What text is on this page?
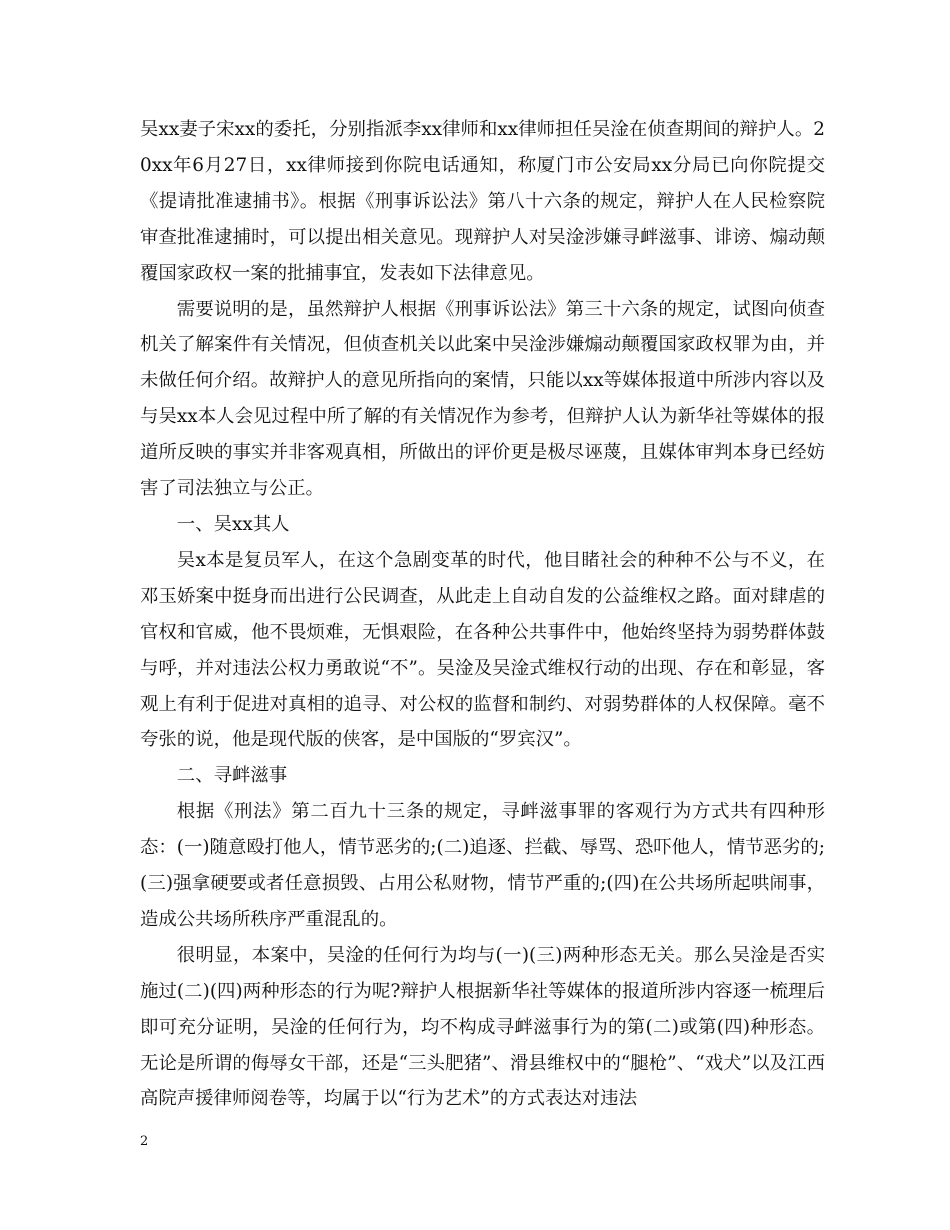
吴xx妻子宋xx的委托，分别指派李xx律师和xx律师担任吴淦在侦查期间的辩护人。20xx年6月27日，xx律师接到你院电话通知，称厦门市公安局xx分局已向你院提交《提请批准逮捕书》。根据《刑事诉讼法》第八十六条的规定，辩护人在人民检察院审查批准逮捕时，可以提出相关意见。现辩护人对吴淦涉嫌寻衅滋事、诽谤、煽动颠覆国家政权一案的批捕事宜，发表如下法律意见。

需要说明的是，虽然辩护人根据《刑事诉讼法》第三十六条的规定，试图向侦查机关了解案件有关情况，但侦查机关以此案中吴淦涉嫌煽动颠覆国家政权罪为由，并未做任何介绍。故辩护人的意见所指向的案情，只能以xx等媒体报道中所涉内容以及与吴xx本人会见过程中所了解的有关情况作为参考，但辩护人认为新华社等媒体的报道所反映的事实并非客观真相，所做出的评价更是极尽诬蔑，且媒体审判本身已经妨害了司法独立与公正。

一、吴xx其人

吴x本是复员军人，在这个急剧变革的时代，他目睹社会的种种不公与不义，在邓玉娇案中挺身而出进行公民调查，从此走上自动自发的公益维权之路。面对肆虐的官权和官威，他不畏烦难，无惧艰险，在各种公共事件中，他始终坚持为弱势群体鼓与呼，并对违法公权力勇敢说“不”。吴淦及吴淦式维权行动的出现、存在和彰显，客观上有利于促进对真相的追寻、对公权的监督和制约、对弱势群体的人权保障。毫不夸张的说，他是现代版的侠客，是中国版的“罗宾汉”。

二、寻衅滋事

根据《刑法》第二百九十三条的规定，寻衅滋事罪的客观行为方式共有四种形态：(一)随意殴打他人，情节恶劣的;(二)追逐、拦截、辱骂、恐吓他人，情节恶劣的;(三)强拿硬要或者任意损毁、占用公私财物，情节严重的;(四)在公共场所起哄闹事，造成公共场所秩序严重混乱的。

很明显，本案中，吴淦的任何行为均与(一)(三)两种形态无关。那么吴淦是否实施过(二)(四)两种形态的行为呢?辩护人根据新华社等媒体的报道所涉内容逐一梳理后即可充分证明，吴淦的任何行为，均不构成寻衅滋事行为的第(二)或第(四)种形态。无论是所谓的侮辱女干部，还是“三头肥猪”、滑县维权中的“腿枪”、“戏犬”以及江西高院声援律师阅卷等，均属于以“行为艺术”的方式表达对违法

2
